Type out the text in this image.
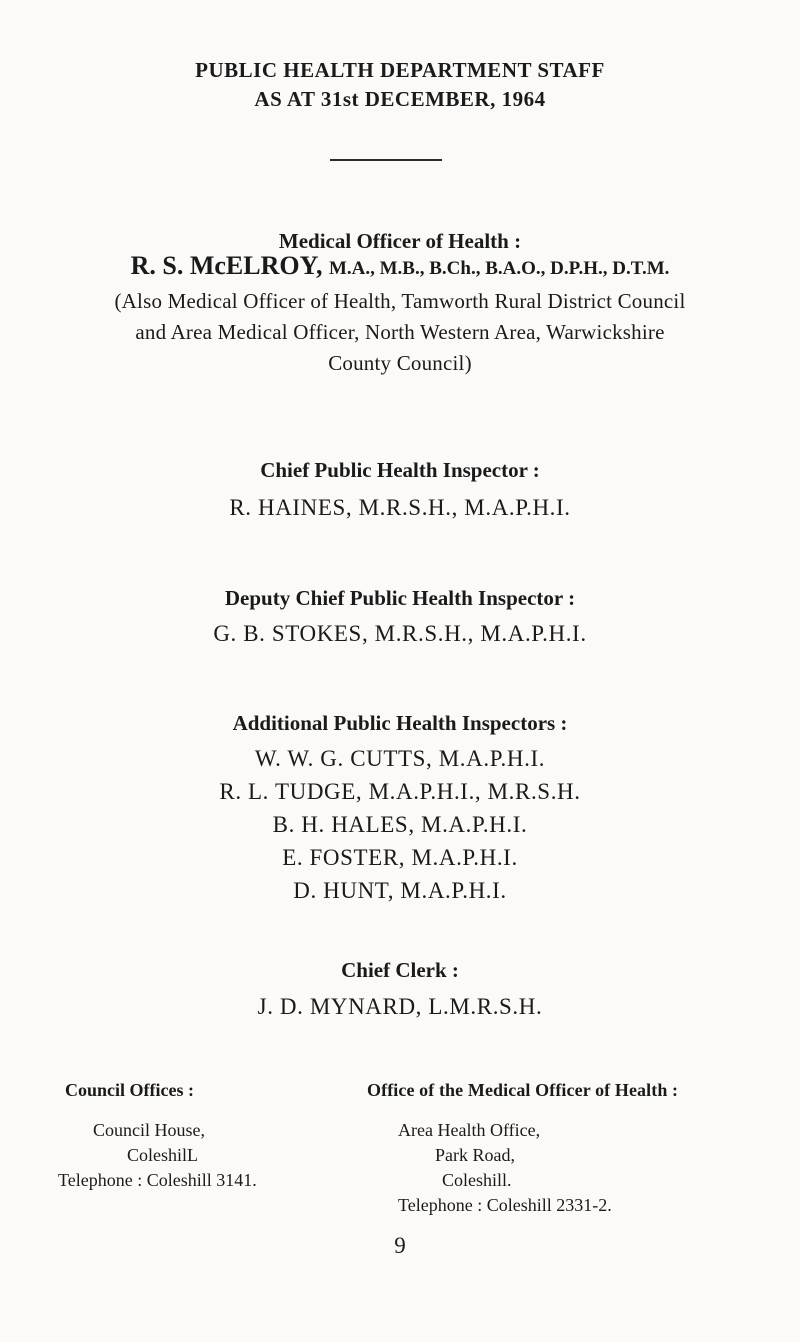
PUBLIC HEALTH DEPARTMENT STAFF
AS AT 31st DECEMBER, 1964
Medical Officer of Health :
R. S. McELROY, M.A., M.B., B.Ch., B.A.O., D.P.H., D.T.M.
(Also Medical Officer of Health, Tamworth Rural District Council
and Area Medical Officer, North Western Area, Warwickshire
County Council)
Chief Public Health Inspector :
R. HAINES, M.R.S.H., M.A.P.H.I.
Deputy Chief Public Health Inspector :
G. B. STOKES, M.R.S.H., M.A.P.H.I.
Additional Public Health Inspectors :
W. W. G. CUTTS, M.A.P.H.I.
R. L. TUDGE, M.A.P.H.I., M.R.S.H.
B. H. HALES, M.A.P.H.I.
E. FOSTER, M.A.P.H.I.
D. HUNT, M.A.P.H.I.
Chief Clerk :
J. D. MYNARD, L.M.R.S.H.
Council Offices :
Council House,
ColeshilL
Telephone : Coleshill 3141.
Office of the Medical Officer of Health :
Area Health Office,
Park Road,
Coleshill.
Telephone : Coleshill 2331-2.
9
